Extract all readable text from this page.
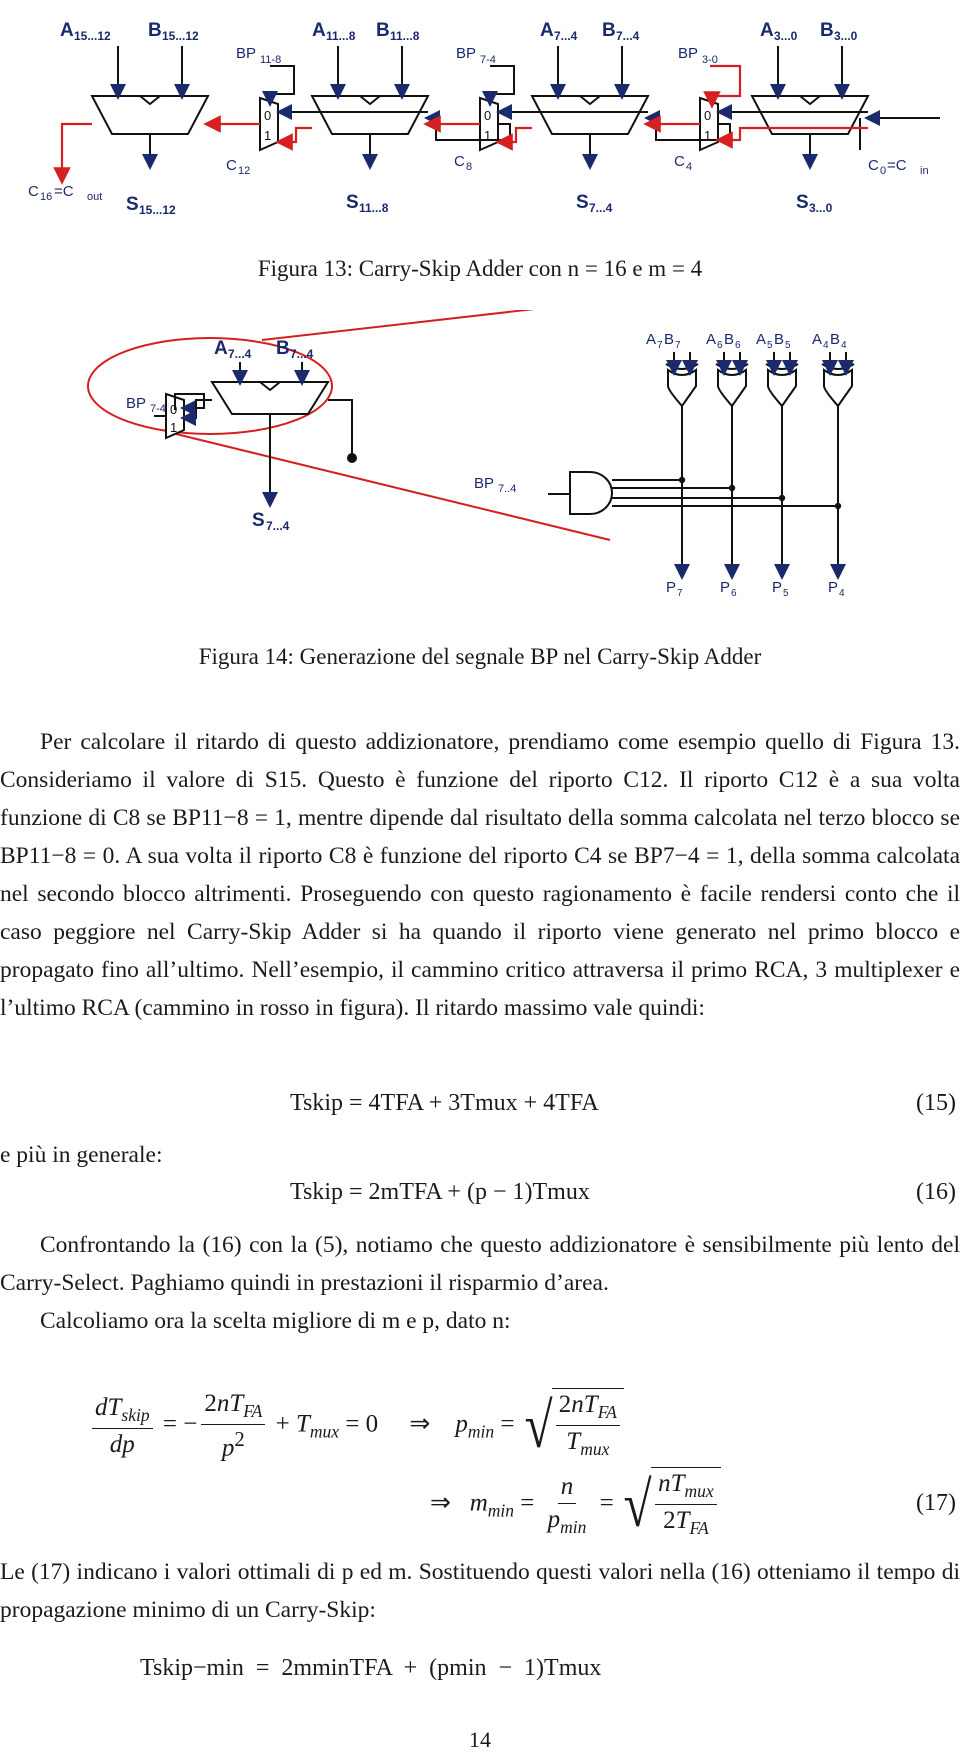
A 15...12 B 15...12	A 11...8 B 11...8	A 7...4 B 7...4	A 3...0 B 3...0
BP 11-8	BP 7-4	BP 3-0
C 12
C 8	C 4	C 0 =C in
C 16 =C out S 15...12	S 11...8	S 7...4	S 3...0
0
1
0
1
0
1
Figura 13: Carry-Skip Adder con n = 16 e m = 4
A 7...4 B 7...4
BP 7-4
S 7...4
BP 7..4
A 7 B 7 A 6 B 6 A 5 B 5 A 4 B 4
P 7 P 6 P 5	P 4
0
1
Figura 14: Generazione del segnale BP nel Carry-Skip Adder

Per calcolare il ritardo di questo addizionatore, prendiamo come esempio quello di Figura 13. Consideriamo il valore di S15. Questo è funzione del riporto C12. Il riporto C12 è a sua volta funzione di C8 se BP11−8 = 1, mentre dipende dal risultato della somma calcolata nel terzo blocco se BP11−8 = 0. A sua volta il riporto C8 è funzione del riporto C4 se BP7−4 = 1, della somma calcolata nel secondo blocco altrimenti. Proseguendo con questo ragionamento è facile rendersi conto che il caso peggiore nel Carry-Skip Adder si ha quando il riporto viene generato nel primo blocco e propagato fino all’ultimo. Nell’esempio, il cammino critico attraversa il primo RCA, 3 multiplexer e l’ultimo RCA (cammino in rosso in figura). Il ritardo massimo vale quindi:

Tskip = 4TFA + 3Tmux + 4TFA	(15)

e più in generale:

Tskip = 2mTFA + (p − 1)Tmux	(16)

Confrontando la (16) con la (5), notiamo che questo addizionatore è sensibilmente più lento del Carry-Select. Paghiamo quindi in prestazioni il risparmio d’area.

Calcoliamo ora la scelta migliore di m e p, dato n:

$\frac{dT_{skip}}{dp}$ = − $\frac{2nT_{FA}}{p^2} + T_{mux} = 0$     ⇒    $p_{min}$ = √ $\frac{2nT_{FA}}{T_{mux}}$
⇒   $m_{min} = \frac{n}{p_{min}}$ = √ $\frac{nT_{mux}}{2T_{FA}}$	(17)

Le (17) indicano i valori ottimali di p ed m. Sostituendo questi valori nella (16) otteniamo il tempo di propagazione minimo di un Carry-Skip:

Tskip−min = 2mminTFA + (pmin − 1)Tmux
14
